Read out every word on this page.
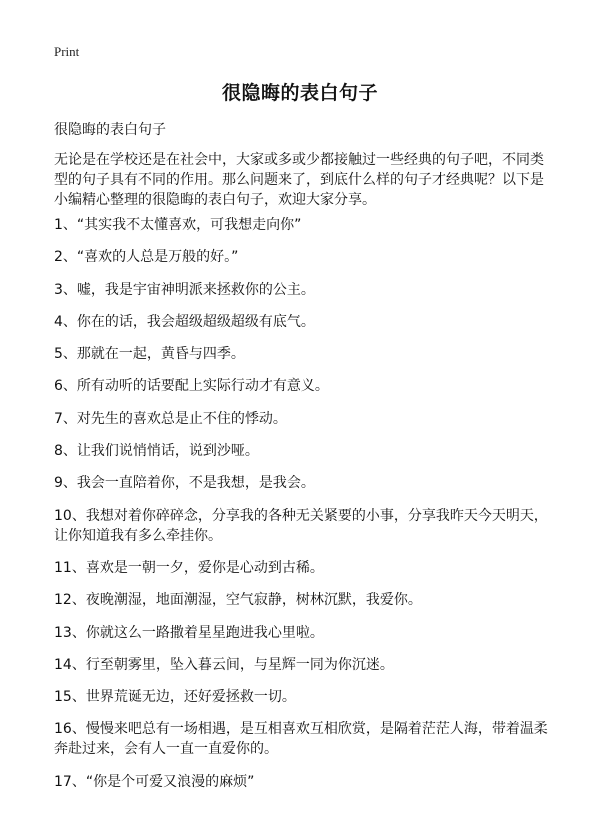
Print
很隐晦的表白句子

很隐晦的表白句子

无论是在学校还是在社会中，大家或多或少都接触过一些经典的句子吧，不同类型的句子具有不同的作用。那么问题来了，到底什么样的句子才经典呢？以下是小编精心整理的很隐晦的表白句子，欢迎大家分享。

1、“其实我不太懂喜欢，可我想走向你”
2、“喜欢的人总是万般的好。”
3、嘘，我是宇宙神明派来拯救你的公主。
4、你在的话，我会超级超级超级有底气。
5、那就在一起，黄昏与四季。
6、所有动听的话要配上实际行动才有意义。
7、对先生的喜欢总是止不住的悸动。
8、让我们说悄悄话，说到沙哑。
9、我会一直陪着你，不是我想，是我会。
10、我想对着你碎碎念，分享我的各种无关紧要的小事，分享我昨天今天明天，让你知道我有多么牵挂你。
11、喜欢是一朝一夕，爱你是心动到古稀。
12、夜晚潮湿，地面潮湿，空气寂静，树林沉默，我爱你。
13、你就这么一路撒着星星跑进我心里啦。
14、行至朝雾里，坠入暮云间，与星辉一同为你沉迷。
15、世界荒诞无边，还好爱拯救一切。
16、慢慢来吧总有一场相遇，是互相喜欢互相欣赏，是隔着茫茫人海，带着温柔奔赴过来，会有人一直一直爱你的。
17、“你是个可爱又浪漫的麻烦”
